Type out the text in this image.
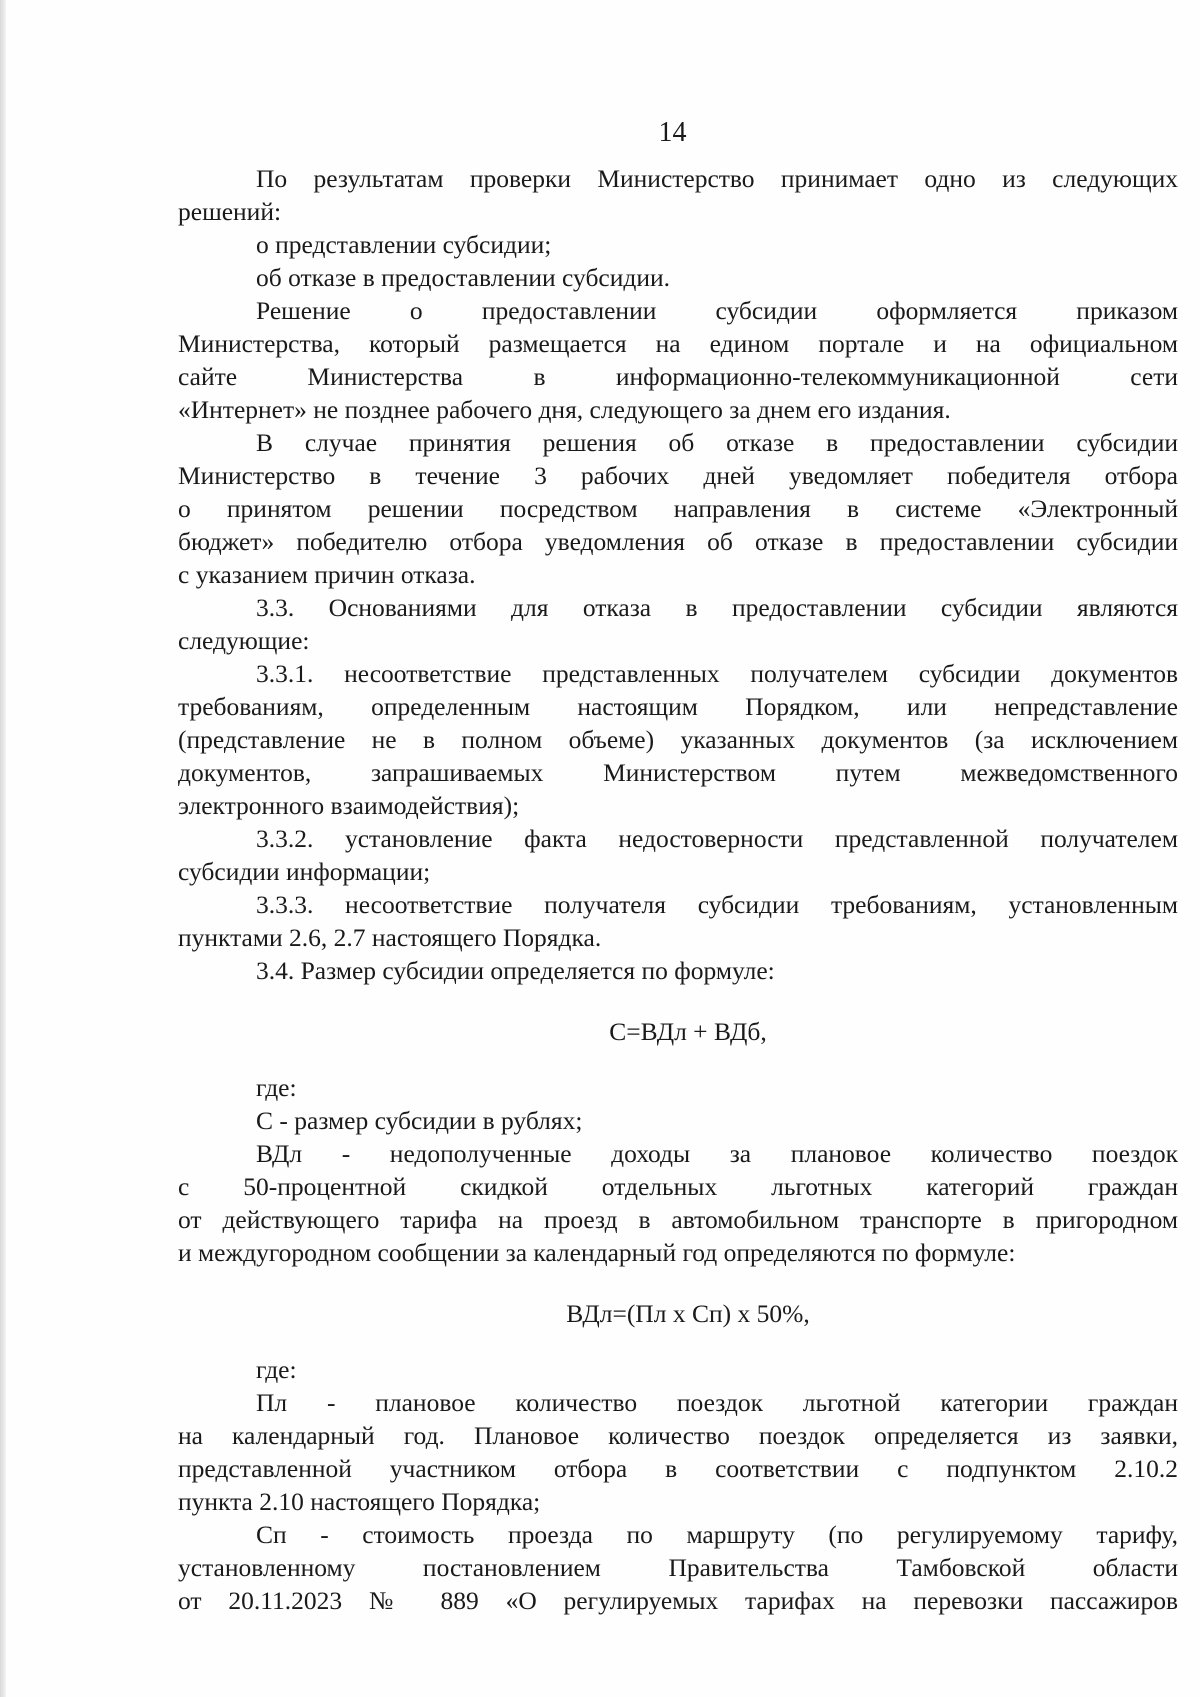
14
По результатам проверки Министерство принимает одно из следующих
решений:
о представлении субсидии;
об отказе в предоставлении субсидии.
Решение о предоставлении субсидии оформляется приказом
Министерства, который размещается на едином портале и на официальном
сайте Министерства в информационно-телекоммуникационной сети
«Интернет» не позднее рабочего дня, следующего за днем его издания.
В случае принятия решения об отказе в предоставлении субсидии
Министерство в течение 3 рабочих дней уведомляет победителя отбора
о принятом решении посредством направления в системе «Электронный
бюджет» победителю отбора уведомления об отказе в предоставлении субсидии
с указанием причин отказа.
3.3. Основаниями для отказа в предоставлении субсидии являются
следующие:
3.3.1. несоответствие представленных получателем субсидии документов
требованиям, определенным настоящим Порядком, или непредставление
(представление не в полном объеме) указанных документов (за исключением
документов, запрашиваемых Министерством путем межведомственного
электронного взаимодействия);
3.3.2. установление факта недостоверности представленной получателем
субсидии информации;
3.3.3. несоответствие получателя субсидии требованиям, установленным
пунктами 2.6, 2.7 настоящего Порядка.
3.4. Размер субсидии определяется по формуле:
С=ВДл + ВДб,
где:
С - размер субсидии в рублях;
ВДл - недополученные доходы за плановое количество поездок
с 50-процентной скидкой отдельных льготных категорий граждан
от действующего тарифа на проезд в автомобильном транспорте в пригородном
и междугородном сообщении за календарный год определяются по формуле:
ВДл=(Пл х Сп) х 50%,
где:
Пл - плановое количество поездок льготной категории граждан
на календарный год. Плановое количество поездок определяется из заявки,
представленной участником отбора в соответствии с подпунктом 2.10.2
пункта 2.10 настоящего Порядка;
Сп - стоимость проезда по маршруту (по регулируемому тарифу,
установленному постановлением Правительства Тамбовской области
от 20.11.2023 № 889 «О регулируемых тарифах на перевозки пассажиров
